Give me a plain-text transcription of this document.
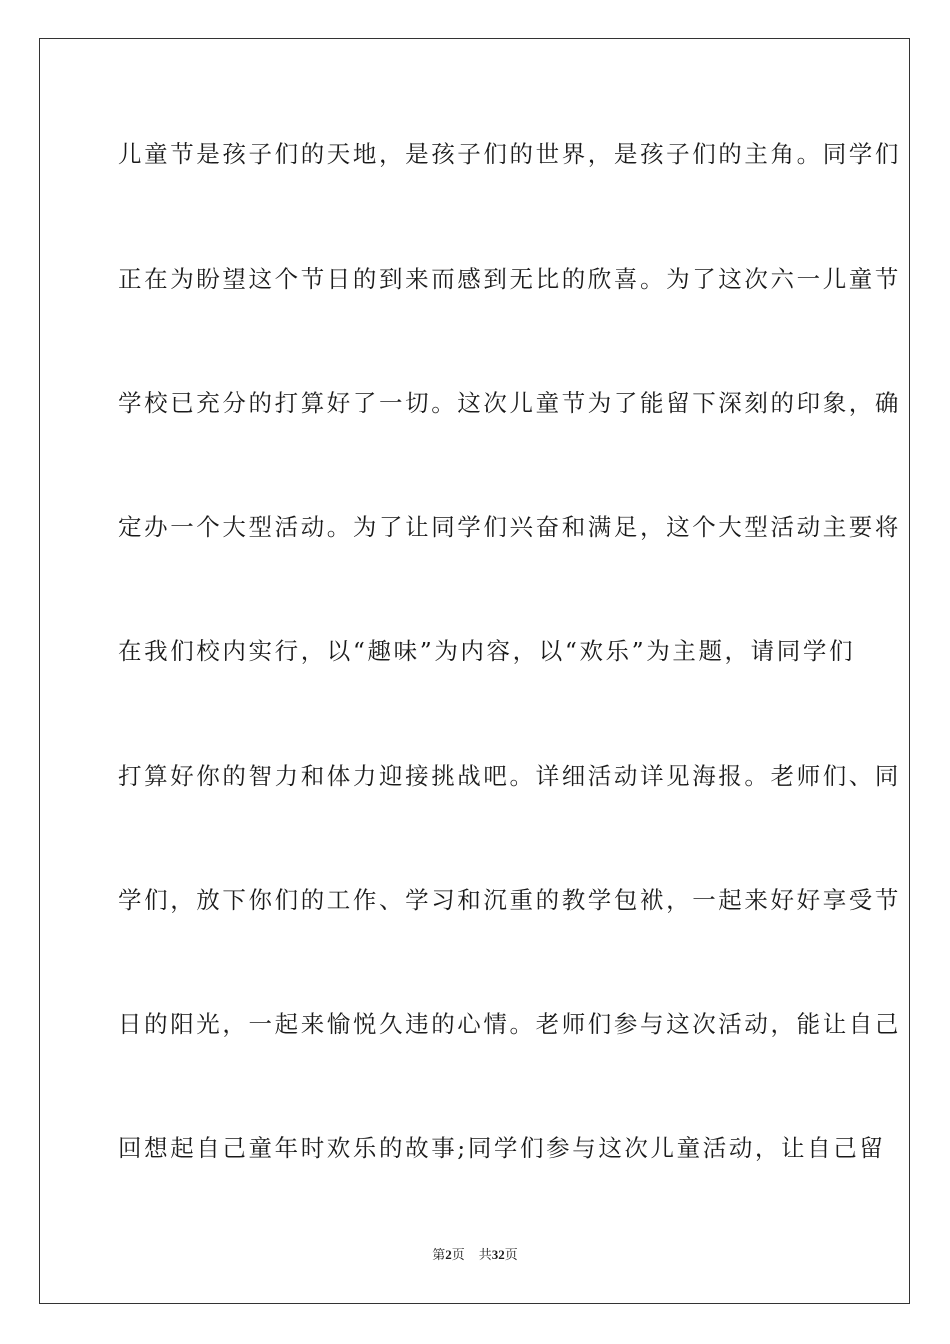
儿童节是孩子们的天地，是孩子们的世界，是孩子们的主角。同学们
正在为盼望这个节日的到来而感到无比的欣喜。为了这次六一儿童节
学校已充分的打算好了一切。这次儿童节为了能留下深刻的印象，确
定办一个大型活动。为了让同学们兴奋和满足，这个大型活动主要将
在我们校内实行，以“趣味”为内容，以“欢乐”为主题，请同学们
打算好你的智力和体力迎接挑战吧。详细活动详见海报。老师们、同
学们，放下你们的工作、学习和沉重的教学包袱，一起来好好享受节
日的阳光，一起来愉悦久违的心情。老师们参与这次活动，能让自己
回想起自己童年时欢乐的故事;同学们参与这次儿童活动，让自己留
第2页 共32页
